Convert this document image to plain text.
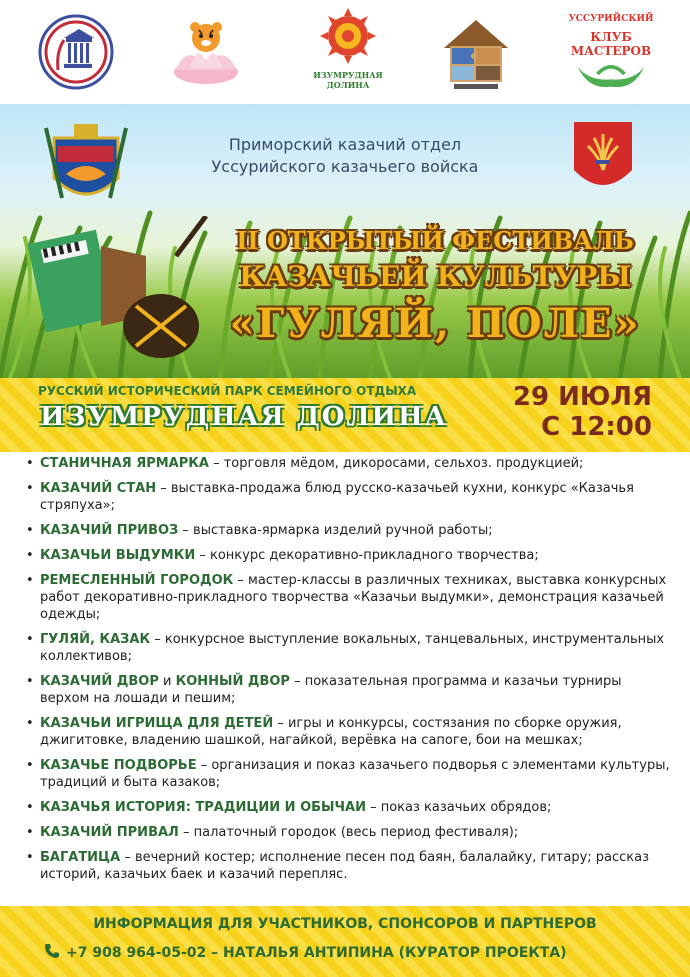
ИЗУМРУДНАЯ ДОЛИНА
УССУРИЙСКИЙ
КЛУБ МАСТЕРОВ
Приморский казачий отдел
Уссурийского казачьего войска
II ОТКРЫТЫЙ ФЕСТИВАЛЬ
КАЗАЧЬЕЙ КУЛЬТУРЫ
«ГУЛЯЙ, ПОЛЕ»
РУССКИЙ ИСТОРИЧЕСКИЙ ПАРК СЕМЕЙНОГО ОТДЫХА
ИЗУМРУДНАЯ ДОЛИНА
29 ИЮЛЯ
С 12:00
• СТАНИЧНАЯ ЯРМАРКА – торговля мёдом, дикоросами, сельхоз. продукцией;
• КАЗАЧИЙ СТАН – выставка-продажа блюд русско-казачьей кухни, конкурс «Казачья стряпуха»;
• КАЗАЧИЙ ПРИВОЗ – выставка-ярмарка изделий ручной работы;
• КАЗАЧЬИ ВЫДУМКИ – конкурс декоративно-прикладного творчества;
• РЕМЕСЛЕННЫЙ ГОРОДОК – мастер-классы в различных техниках, выставка конкурсных работ декоративно-прикладного творчества «Казачьи выдумки», демонстрация казачьей одежды;
• ГУЛЯЙ, КАЗАК – конкурсное выступление вокальных, танцевальных, инструментальных коллективов;
• КАЗАЧИЙ ДВОР и КОННЫЙ ДВОР – показательная программа и казачьи турниры верхом на лошади и пешим;
• КАЗАЧЬИ ИГРИЩА ДЛЯ ДЕТЕЙ – игры и конкурсы, состязания по сборке оружия, джигитовке, владению шашкой, нагайкой, верёвка на сапоге, бои на мешках;
• КАЗАЧЬЕ ПОДВОРЬЕ – организация и показ казачьего подворья с элементами культуры, традиций и быта казаков;
• КАЗАЧЬЯ ИСТОРИЯ: ТРАДИЦИИ И ОБЫЧАИ – показ казачьих обрядов;
• КАЗАЧИЙ ПРИВАЛ – палаточный городок (весь период фестиваля);
• БАГАТИЦА – вечерний костер; исполнение песен под баян, балалайку, гитару; рассказ историй, казачьих баек и казачий перепляс.
ИНФОРМАЦИЯ ДЛЯ УЧАСТНИКОВ, СПОНСОРОВ И ПАРТНЕРОВ
+7 908 964-05-02 – НАТАЛЬЯ АНТИПИНА (КУРАТОР ПРОЕКТА)
